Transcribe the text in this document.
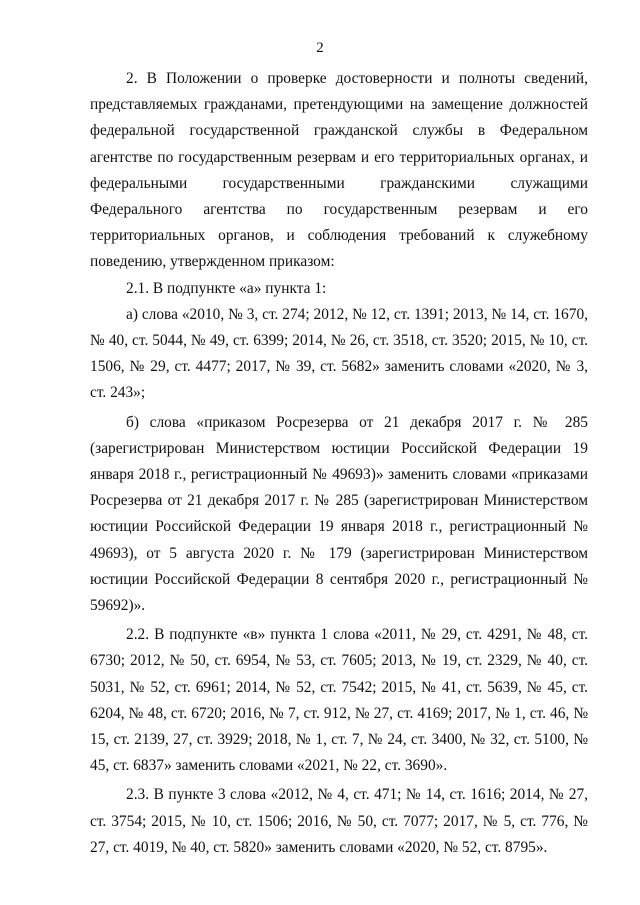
2

2. В Положении о проверке достоверности и полноты сведений, представляемых гражданами, претендующими на замещение должностей федеральной государственной гражданской службы в Федеральном агентстве по государственным резервам и его территориальных органах, и федеральными государственными гражданскими служащими Федерального агентства по государственным резервам и его территориальных органов, и соблюдения требований к служебному поведению, утвержденном приказом:

2.1. В подпункте «а» пункта 1:

а) слова «2010, № 3, ст. 274; 2012, № 12, ст. 1391; 2013, № 14, ст. 1670, № 40, ст. 5044, № 49, ст. 6399; 2014, № 26, ст. 3518, ст. 3520; 2015, № 10, ст. 1506, № 29, ст. 4477; 2017, № 39, ст. 5682» заменить словами «2020, № 3, ст. 243»;

б) слова «приказом Росрезерва от 21 декабря 2017 г. № 285 (зарегистрирован Министерством юстиции Российской Федерации 19 января 2018 г., регистрационный № 49693)» заменить словами «приказами Росрезерва от 21 декабря 2017 г. № 285 (зарегистрирован Министерством юстиции Российской Федерации 19 января 2018 г., регистрационный № 49693), от 5 августа 2020 г. № 179 (зарегистрирован Министерством юстиции Российской Федерации 8 сентября 2020 г., регистрационный № 59692)».

2.2. В подпункте «в» пункта 1 слова «2011, № 29, ст. 4291, № 48, ст. 6730; 2012, № 50, ст. 6954, № 53, ст. 7605; 2013, № 19, ст. 2329, № 40, ст. 5031, № 52, ст. 6961; 2014, № 52, ст. 7542; 2015, № 41, ст. 5639, № 45, ст. 6204, № 48, ст. 6720; 2016, № 7, ст. 912, № 27, ст. 4169; 2017, № 1, ст. 46, № 15, ст. 2139, 27, ст. 3929; 2018, № 1, ст. 7, № 24, ст. 3400, № 32, ст. 5100, № 45, ст. 6837» заменить словами «2021, № 22, ст. 3690».

2.3. В пункте 3 слова «2012, № 4, ст. 471; № 14, ст. 1616; 2014, № 27, ст. 3754; 2015, № 10, ст. 1506; 2016, № 50, ст. 7077; 2017, № 5, ст. 776, № 27, ст. 4019, № 40, ст. 5820» заменить словами «2020, № 52, ст. 8795».
